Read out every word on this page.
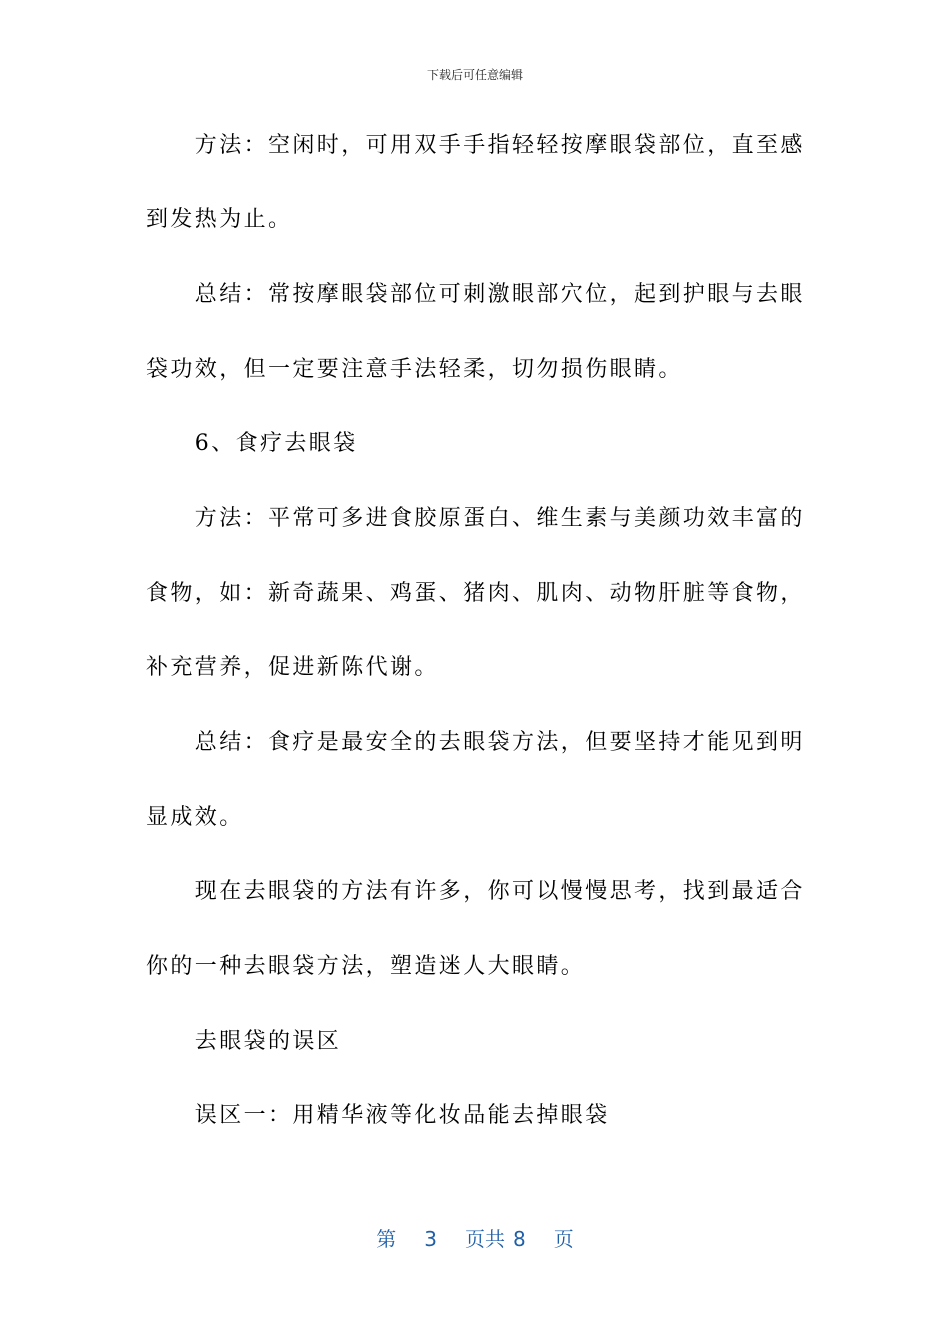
下载后可任意编辑
　　方法：空闲时，可用双手手指轻轻按摩眼袋部位，直至感
到发热为止。
　　总结：常按摩眼袋部位可刺激眼部穴位，起到护眼与去眼
袋功效，但一定要注意手法轻柔，切勿损伤眼睛。
　　6、食疗去眼袋
　　方法：平常可多进食胶原蛋白、维生素与美颜功效丰富的
食物，如：新奇蔬果、鸡蛋、猪肉、肌肉、动物肝脏等食物，
补充营养，促进新陈代谢。
　　总结：食疗是最安全的去眼袋方法，但要坚持才能见到明
显成效。
　　现在去眼袋的方法有许多，你可以慢慢思考，找到最适合
你的一种去眼袋方法，塑造迷人大眼睛。
　　去眼袋的误区
　　误区一：用精华液等化妆品能去掉眼袋
第 3 页共 8 页
